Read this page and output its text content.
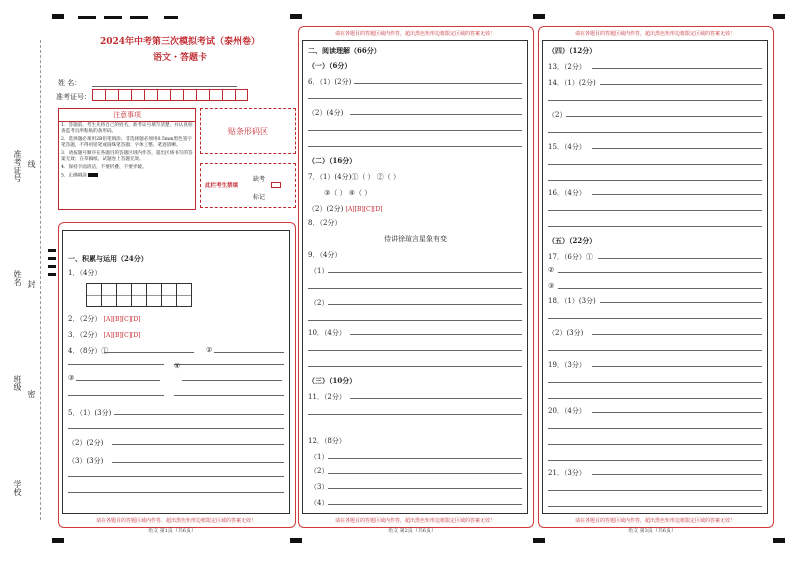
准考证号 线
姓名 封
班级
密
学校
2024年中考第三次模拟考试（泰州卷）
语文・答题卡
姓 名：
准考证号：
注意事项
1．答题前，考生先将自己的姓名，准考证号填写清楚，并认真检查监考员所粘贴的条形码。
2．选择题必须用2B铅笔填涂；非选择题必须用0.5mm黑色签字笔答题，不得用铅笔或圆珠笔答题；字体工整、笔迹清晰。
3．请按题号顺序在各题目的答题区域内作答，超出区域书写的答案无效；在草稿纸、试题卷上答题无效。
4．保持卡面清洁，不要折叠、不要弄破。
5．正确填涂
贴条形码区
此栏考生禁填
缺考
标记
请在各题目的答题区域内作答，超出黑色矩形边框限定区域的答案无效！
一、积累与运用（24分）
1．（4分）
2．（2分） [A][B][C][D]
3．（2分） [A][B][C][D]
4．（8分）①	②
③
④
5．（1）(3分)
（2）(2分)
（3）(3分)
语文 第1页（共6页）
请在各题目的答题区域内作答，超出黑色矩形边框限定区域的答案无效！
请在各题目的答题区域内作答，超出黑色矩形边框限定区域的答案无效！
二、阅读理解（66分）
（一）（6分）
6．（1）(2分)
（2）(4分)
（二）（16分）
7．（1）(4分)①（ ） ②（ ）
③（ ） ④（ ）
（2）(2分) [A][B][C][D]
8．（2分）
侍讲徐瑄言星象有变
9．（4分）
（1）
（2）
10．（4分）
（三）（10分）
11．（2分）
12．（8分）
（1）
（2）
（3）
（4）
语文 第2页（共6页）
请在各题目的答题区域内作答，超出黑色矩形边框限定区域的答案无效！
请在各题目的答题区域内作答，超出黑色矩形边框限定区域的答案无效！
（四）（12分）
13．（2分）
14．（1）(2分)
（2）
15．（4分）
16．（4分）
（五）（22分）
17．（6分）①
②
③
18．（1）(3分)
（2）(3分)
19．（3分）
20．（4分）
21．（3分）
语文 第3页（共6页）
